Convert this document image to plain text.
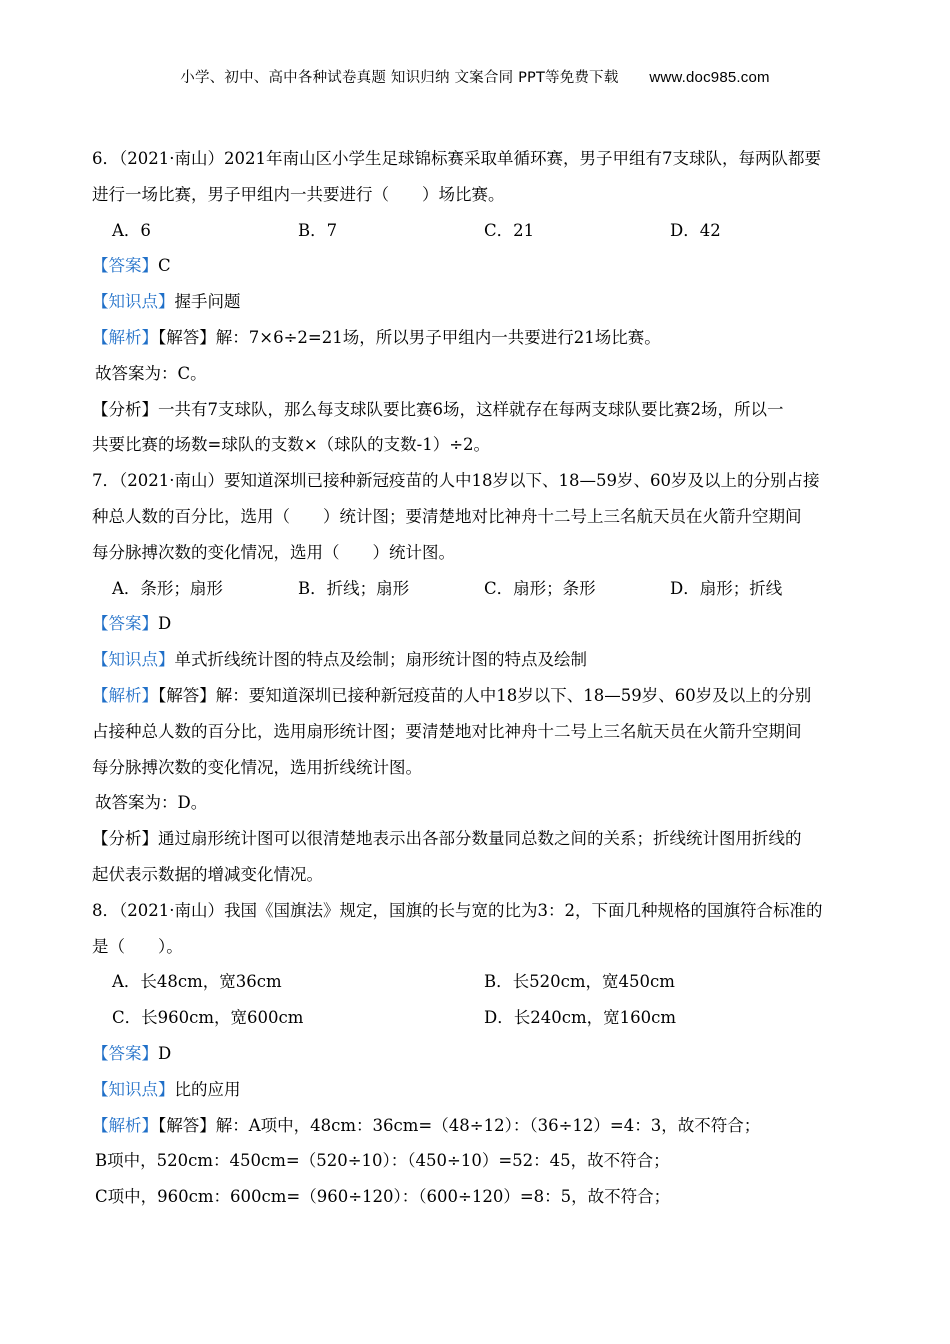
小学、初中、高中各种试卷真题 知识归纳 文案合同 PPT等免费下载 www.doc985.com
6．（2021·南山）2021年南山区小学生足球锦标赛采取单循环赛，男子甲组有7支球队，每两队都要
进行一场比赛，男子甲组内一共要进行（　　）场比赛。
A．6	B．7	C．21	D．42
【答案】C
【知识点】握手问题
【解析】【解答】解：7×6÷2=21场，所以男子甲组内一共要进行21场比赛。
故答案为：C。
【分析】一共有7支球队，那么每支球队要比赛6场，这样就存在每两支球队要比赛2场，所以一
共要比赛的场数=球队的支数×（球队的支数-1）÷2。
7．（2021·南山）要知道深圳已接种新冠疫苗的人中18岁以下、18—59岁、60岁及以上的分别占接
种总人数的百分比，选用（　　）统计图；要清楚地对比神舟十二号上三名航天员在火箭升空期间
每分脉搏次数的变化情况，选用（　　）统计图。
A．条形；扇形	B．折线；扇形	C．扇形；条形	D．扇形；折线
【答案】D
【知识点】单式折线统计图的特点及绘制；扇形统计图的特点及绘制
【解析】【解答】解：要知道深圳已接种新冠疫苗的人中18岁以下、18—59岁、60岁及以上的分别
占接种总人数的百分比，选用扇形统计图；要清楚地对比神舟十二号上三名航天员在火箭升空期间
每分脉搏次数的变化情况，选用折线统计图。
故答案为：D。
【分析】通过扇形统计图可以很清楚地表示出各部分数量同总数之间的关系；折线统计图用折线的
起伏表示数据的增减变化情况。
8．（2021·南山）我国《国旗法》规定，国旗的长与宽的比为3：2，下面几种规格的国旗符合标准的
是（　　）。
A．长48cm，宽36cm	B．长520cm，宽450cm
C．长960cm，宽600cm	D．长240cm，宽160cm
【答案】D
【知识点】比的应用
【解析】【解答】解：A项中，48cm：36cm=（48÷12）：（36÷12）=4：3，故不符合；
B项中，520cm：450cm=（520÷10）：（450÷10）=52：45，故不符合；
C项中，960cm：600cm=（960÷120）：（600÷120）=8：5，故不符合；
